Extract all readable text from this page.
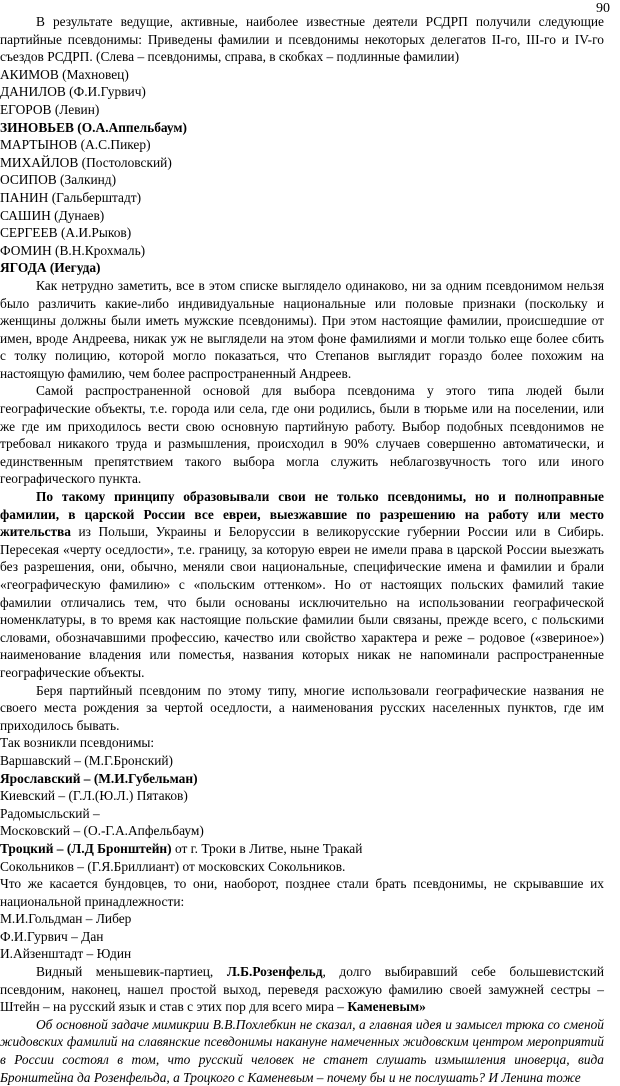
90

В результате ведущие, активные, наиболее известные деятели РСДРП получили следующие партийные псевдонимы: Приведены фамилии и псевдонимы некоторых делегатов II-го, III-го и IV-го съездов РСДРП. (Слева – псевдонимы, справа, в скобках – подлинные фамилии)

АКИМОВ (Махновец)

ДАНИЛОВ (Ф.И.Гурвич)

ЕГОРОВ (Левин)

ЗИНОВЬЕВ (О.А.Аппельбаум)

МАРТЫНОВ (А.С.Пикер)

МИХАЙЛОВ (Постоловский)

ОСИПОВ (Залкинд)

ПАНИН (Гальберштадт)

САШИН (Дунаев)

СЕРГЕЕВ (А.И.Рыков)

ФОМИН (В.Н.Крохмаль)

ЯГОДА (Иегуда)

Как нетрудно заметить, все в этом списке выглядело одинаково, ни за одним псевдонимом нельзя было различить какие-либо индивидуальные национальные или половые признаки (поскольку и женщины должны были иметь мужские псевдонимы). При этом настоящие фамилии, происшедшие от имен, вроде Андреева, никак уж не выглядели на этом фоне фамилиями и могли только еще более сбить с толку полицию, которой могло показаться, что Степанов выглядит гораздо более похожим на настоящую фамилию, чем более распространенный Андреев.

Самой распространенной основой для выбора псевдонима у этого типа людей были географические объекты, т.е. города или села, где они родились, были в тюрьме или на поселении, или же где им приходилось вести свою основную партийную работу. Выбор подобных псевдонимов не требовал никакого труда и размышления, происходил в 90% случаев совершенно автоматически, и единственным препятствием такого выбора могла служить неблагозвучность того или иного географического пункта.

По такому принципу образовывали свои не только псевдонимы, но и полноправные фамилии, в царской России все евреи, выезжавшие по разрешению на работу или место жительства из Польши, Украины и Белоруссии в великорусские губернии России или в Сибирь. Пересекая «черту оседлости», т.е. границу, за которую евреи не имели права в царской России выезжать без разрешения, они, обычно, меняли свои национальные, специфические имена и фамилии и брали «географическую фамилию» с «польским оттенком». Но от настоящих польских фамилий такие фамилии отличались тем, что были основаны исключительно на использовании географической номенклатуры, в то время как настоящие польские фамилии были связаны, прежде всего, с польскими словами, обозначавшими профессию, качество или свойство характера и реже – родовое («звериное») наименование владения или поместья, названия которых никак не напоминали распространенные географические объекты.

Беря партийный псевдоним по этому типу, многие использовали географические названия не своего места рождения за чертой оседлости, а наименования русских населенных пунктов, где им приходилось бывать.

Так возникли псевдонимы:

Варшавский – (М.Г.Бронский)

Ярославский – (М.И.Губельман)

Киевский – (Г.Л.(Ю.Л.) Пятаков)

Радомысльский –

Московский – (О.-Г.А.Апфельбаум)

Троцкий – (Л.Д Бронштейн) от г. Троки в Литве, ныне Тракай

Сокольников – (Г.Я.Бриллиант) от московских Сокольников.

Что же касается бундовцев, то они, наоборот, позднее стали брать псевдонимы, не скрывавшие их национальной принадлежности:

М.И.Гольдман – Либер

Ф.И.Гурвич – Дан

И.Айзенштадт – Юдин

Видный меньшевик-партиец, Л.Б.Розенфельд, долго выбиравший себе большевистский псевдоним, наконец, нашел простой выход, переведя расхожую фамилию своей замужней сестры – Штейн – на русский язык и став с этих пор для всего мира – Каменевым»

Об основной задаче мимикрии В.В.Похлебкин не сказал, а главная идея и замысел трюка со сменой жидовских фамилий на славянские псевдонимы накануне намеченных жидовским центром мероприятий в России состоял в том, что русский человек не станет слушать измышления иноверца, вида Бронштейна да Розенфельда, а Троцкого с Каменевым – почему бы и не послушать? И Ленина тоже
